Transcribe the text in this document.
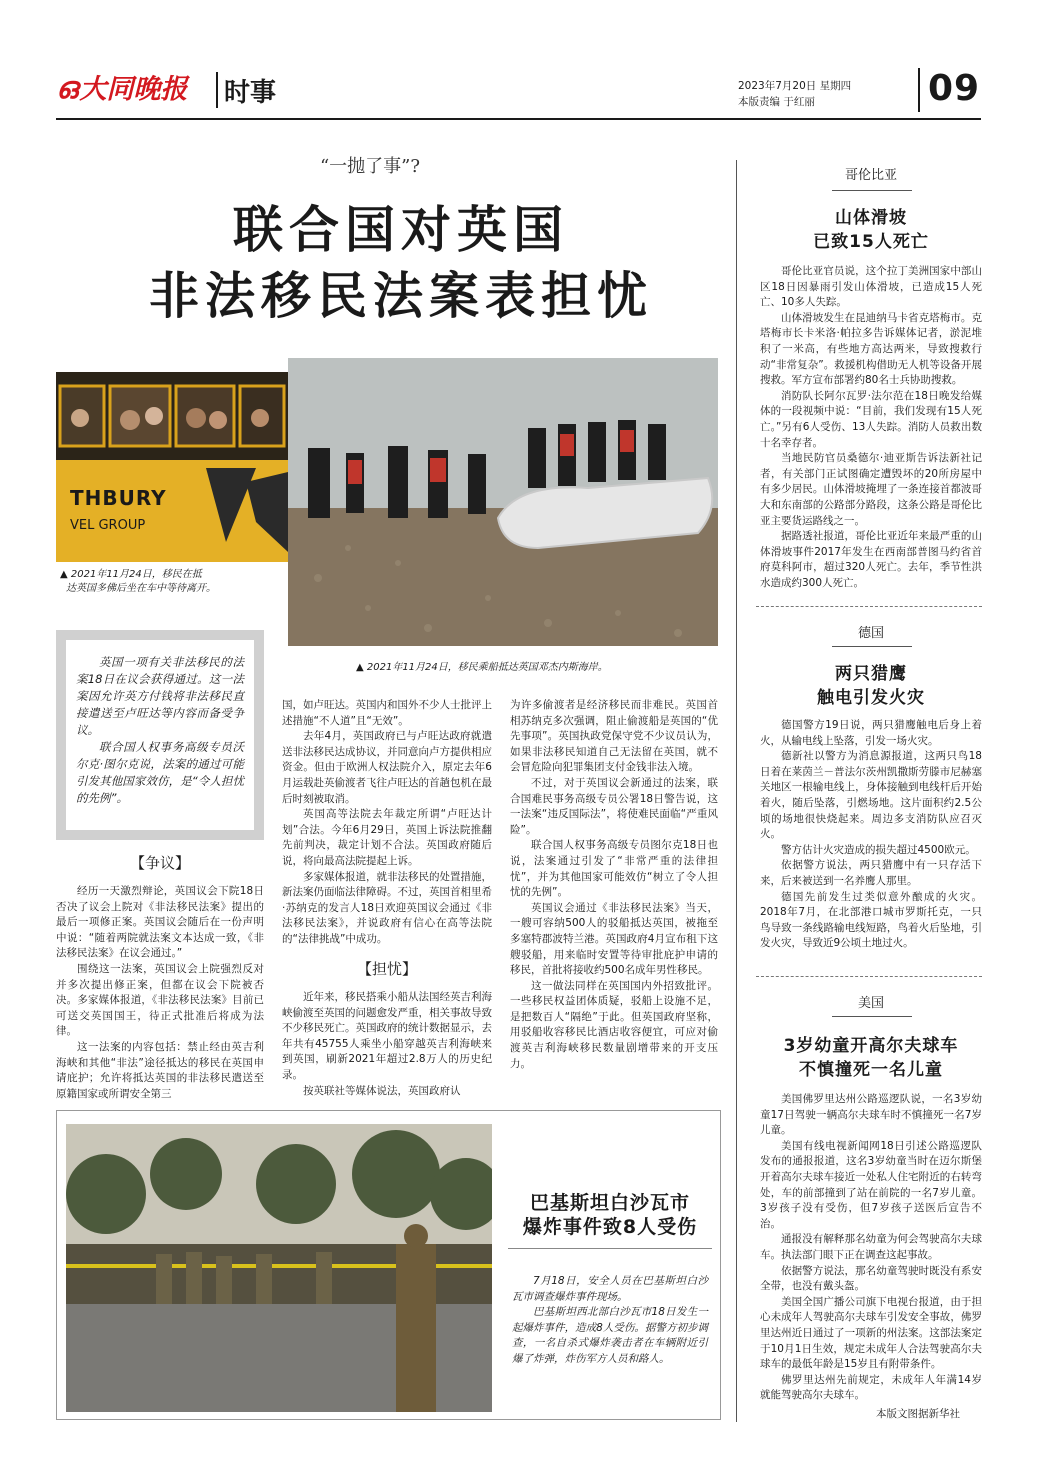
ഒ大同晚报	时事	2023年7月20日 星期四
本版责编 于红丽	09
“一抛了事”?
联合国对英国
非法移民法案表担忧
THBURY
VEL GROUP
▲ 2021年11月24日，移民在抵
达英国多佛后坐在车中等待离开。
▲ 2021年11月24日，移民乘船抵达英国邓杰内斯海岸。

英国一项有关非法移民的法案18日在议会获得通过。这一法案因允许英方付钱将非法移民直接遣送至卢旺达等内容而备受争议。

联合国人权事务高级专员沃尔克·图尔克说，法案的通过可能引发其他国家效仿，是“令人担忧的先例”。

【争议】

经历一天激烈辩论，英国议会下院18日否决了议会上院对《非法移民法案》提出的最后一项修正案。英国议会随后在一份声明中说：“随着两院就法案文本达成一致，《非法移民法案》在议会通过。”

围绕这一法案，英国议会上院强烈反对并多次提出修正案，但都在议会下院被否决。多家媒体报道，《非法移民法案》目前已可送交英国国王，待正式批准后将成为法律。

这一法案的内容包括：禁止经由英吉利海峡和其他“非法”途径抵达的移民在英国申请庇护；允许将抵达英国的非法移民遣送至原籍国家或所谓安全第三

国，如卢旺达。英国内和国外不少人士批评上述措施“不人道”且“无效”。

去年4月，英国政府已与卢旺达政府就遣送非法移民达成协议，并同意向卢方提供相应资金。但由于欧洲人权法院介入，原定去年6月运载赴英偷渡者飞往卢旺达的首趟包机在最后时刻被取消。

英国高等法院去年裁定所谓“卢旺达计划”合法。今年6月29日，英国上诉法院推翻先前判决，裁定计划不合法。英国政府随后说，将向最高法院提起上诉。

多家媒体报道，就非法移民的处置措施，新法案仍面临法律障碍。不过，英国首相里希·苏纳克的发言人18日欢迎英国议会通过《非法移民法案》，并说政府有信心在高等法院的“法律挑战”中成功。

【担忧】

近年来，移民搭乘小船从法国经英吉利海峡偷渡至英国的问题愈发严重，相关事故导致不少移民死亡。英国政府的统计数据显示，去年共有45755人乘坐小船穿越英吉利海峡来到英国，刷新2021年超过2.8万人的历史纪录。

按英联社等媒体说法，英国政府认

为许多偷渡者是经济移民而非难民。英国首相苏纳克多次强调，阻止偷渡船是英国的“优先事项”。英国执政党保守党不少议员认为，如果非法移民知道自己无法留在英国，就不会冒危险向犯罪集团支付金钱非法入境。

不过，对于英国议会新通过的法案，联合国难民事务高级专员公署18日警告说，这一法案“违反国际法”，将使难民面临“严重风险”。

联合国人权事务高级专员图尔克18日也说，法案通过引发了“非常严重的法律担忧”，并为其他国家可能效仿“树立了令人担忧的先例”。

英国议会通过《非法移民法案》当天，一艘可容纳500人的驳船抵达英国，被拖至多塞特郡波特兰港。英国政府4月宣布租下这艘驳船，用来临时安置等待审批庇护申请的移民，首批将接收约500名成年男性移民。

这一做法同样在英国国内外招致批评。一些移民权益团体质疑，驳船上设施不足，是把数百人“隔绝”于此。但英国政府坚称，用驳船收容移民比酒店收容便宜，可应对偷渡英吉利海峡移民数量剧增带来的开支压力。

巴基斯坦白沙瓦市
爆炸事件致8人受伤

7月18日，安全人员在巴基斯坦白沙瓦市调查爆炸事件现场。

巴基斯坦西北部白沙瓦市18日发生一起爆炸事件，造成8人受伤。据警方初步调查，一名自杀式爆炸袭击者在车辆附近引爆了炸弹，炸伤军方人员和路人。

哥伦比亚
山体滑坡
已致15人死亡

哥伦比亚官员说，这个拉丁美洲国家中部山区18日因暴雨引发山体滑坡，已造成15人死亡、10多人失踪。

山体滑坡发生在昆迪纳马卡省克塔梅市。克塔梅市长卡米洛·帕拉多告诉媒体记者，淤泥堆积了一米高，有些地方高达两米，导致搜救行动“非常复杂”。救援机构借助无人机等设备开展搜救。军方宣布部署约80名士兵协助搜救。

消防队长阿尔瓦罗·法尔范在18日晚发给媒体的一段视频中说：“目前，我们发现有15人死亡。”另有6人受伤、13人失踪。消防人员救出数十名幸存者。

当地民防官员桑德尔·迪亚斯告诉法新社记者，有关部门正试图确定遭毁坏的20所房屋中有多少居民。山体滑坡掩埋了一条连接首都波哥大和东南部的公路部分路段，这条公路是哥伦比亚主要货运路线之一。

据路透社报道，哥伦比亚近年来最严重的山体滑坡事件2017年发生在西南部普图马约省首府莫科阿市，超过320人死亡。去年，季节性洪水造成约300人死亡。

德国
两只猎鹰
触电引发火灾

德国警方19日说，两只猎鹰触电后身上着火，从输电线上坠落，引发一场火灾。

德新社以警方为消息源报道，这两只鸟18日着在莱茵兰－普法尔茨州凯撒斯劳滕市尼赫塞关地区一根输电线上，身体接触到电线杆后开始着火，随后坠落，引燃场地。这片面积约2.5公顷的场地很快烧起来。周边多支消防队应召灭火。

警方估计火灾造成的损失超过4500欧元。

依据警方说法，两只猎鹰中有一只存活下来，后来被送到一名养鹰人那里。

德国先前发生过类似意外酿成的火灾。2018年7月，在北部港口城市罗斯托克，一只鸟导致一条线路输电线短路，鸟着火后坠地，引发火灾，导致近9公顷土地过火。

美国
3岁幼童开高尔夫球车
不慎撞死一名儿童

美国佛罗里达州公路巡逻队说，一名3岁幼童17日驾驶一辆高尔夫球车时不慎撞死一名7岁儿童。

美国有线电视新闻网18日引述公路巡逻队发布的通报报道，这名3岁幼童当时在迈尔斯堡开着高尔夫球车接近一处私人住宅附近的右转弯处，车的前部撞到了站在前院的一名7岁儿童。3岁孩子没有受伤，但7岁孩子送医后宣告不治。

通报没有解释那名幼童为何会驾驶高尔夫球车。执法部门眼下正在调查这起事故。

依据警方说法，那名幼童驾驶时既没有系安全带，也没有戴头盔。

美国全国广播公司旗下电视台报道，由于担心未成年人驾驶高尔夫球车引发安全事故，佛罗里达州近日通过了一项新的州法案。这部法案定于10月1日生效，规定未成年人合法驾驶高尔夫球车的最低年龄是15岁且有附带条件。

佛罗里达州先前规定，未成年人年满14岁就能驾驶高尔夫球车。

本版文图据新华社
